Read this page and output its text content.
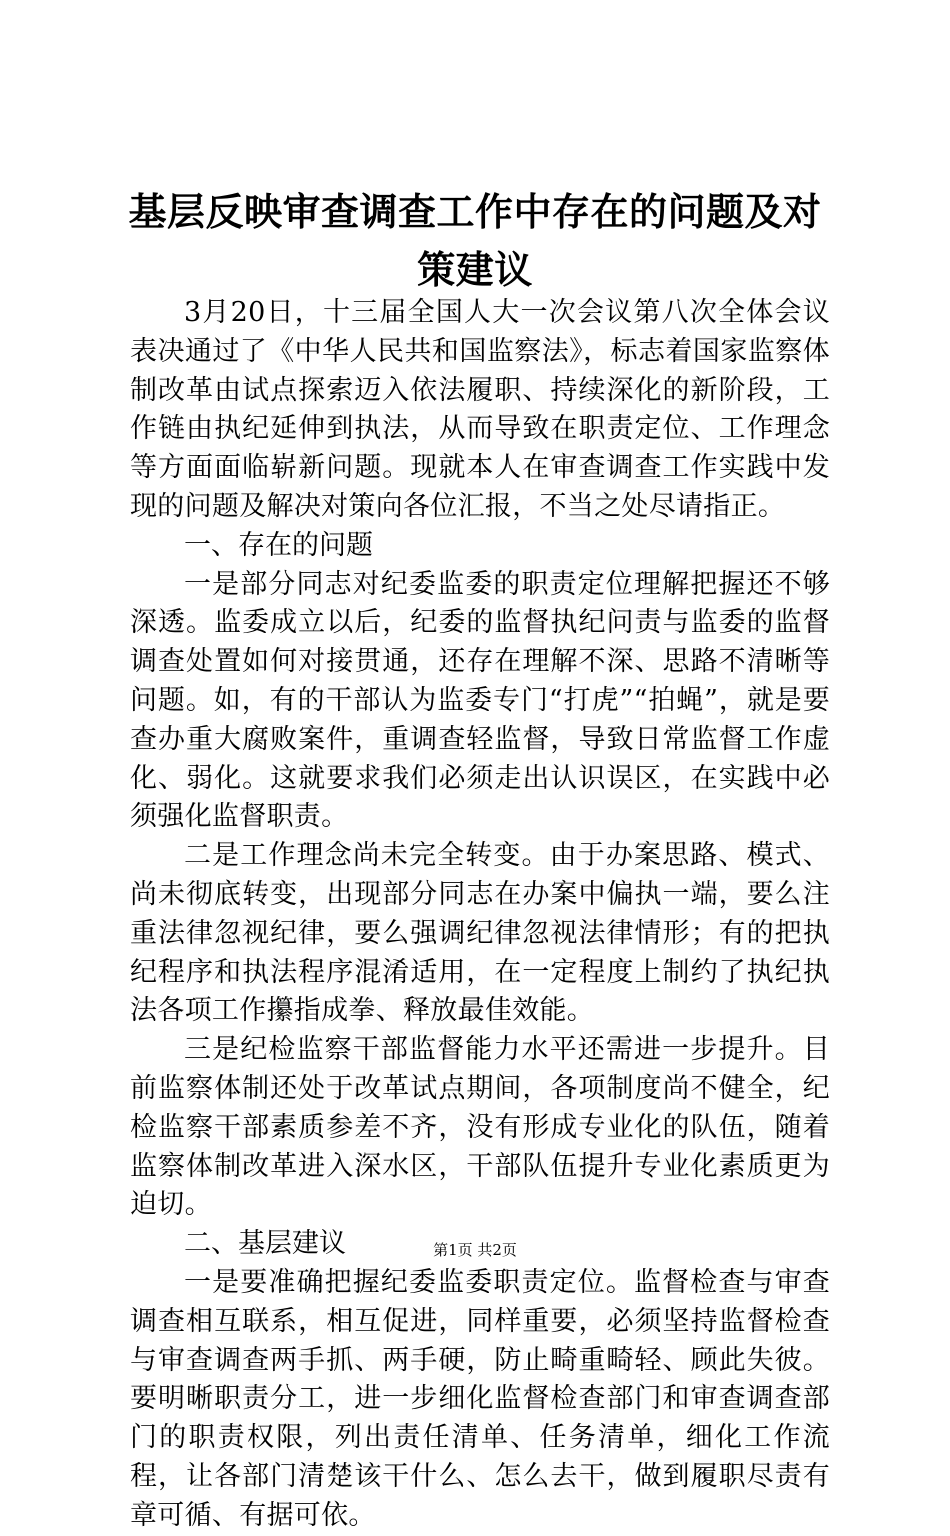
基层反映审查调查工作中存在的问题及对策建议

3月20日，十三届全国人大一次会议第八次全体会议表决通过了《中华人民共和国监察法》，标志着国家监察体制改革由试点探索迈入依法履职、持续深化的新阶段，工作链由执纪延伸到执法，从而导致在职责定位、工作理念等方面面临崭新问题。现就本人在审查调查工作实践中发现的问题及解决对策向各位汇报，不当之处尽请指正。

一、存在的问题

一是部分同志对纪委监委的职责定位理解把握还不够深透。监委成立以后，纪委的监督执纪问责与监委的监督调查处置如何对接贯通，还存在理解不深、思路不清晰等问题。如，有的干部认为监委专门“打虎”“拍蝇”，就是要查办重大腐败案件，重调查轻监督，导致日常监督工作虚化、弱化。这就要求我们必须走出认识误区，在实践中必须强化监督职责。

二是工作理念尚未完全转变。由于办案思路、模式、尚未彻底转变，出现部分同志在办案中偏执一端，要么注重法律忽视纪律，要么强调纪律忽视法律情形；有的把执纪程序和执法程序混淆适用，在一定程度上制约了执纪执法各项工作攥指成拳、释放最佳效能。

三是纪检监察干部监督能力水平还需进一步提升。目前监察体制还处于改革试点期间，各项制度尚不健全，纪检监察干部素质参差不齐，没有形成专业化的队伍，随着监察体制改革进入深水区，干部队伍提升专业化素质更为迫切。

二、基层建议

一是要准确把握纪委监委职责定位。监督检查与审查调查相互联系，相互促进，同样重要，必须坚持监督检查与审查调查两手抓、两手硬，防止畸重畸轻、顾此失彼。要明晰职责分工，进一步细化监督检查部门和审查调查部门的职责权限，列出责任清单、任务清单，细化工作流程，让各部门清楚该干什么、怎么去干，做到履职尽责有章可循、有据可依。

第1页 共2页
